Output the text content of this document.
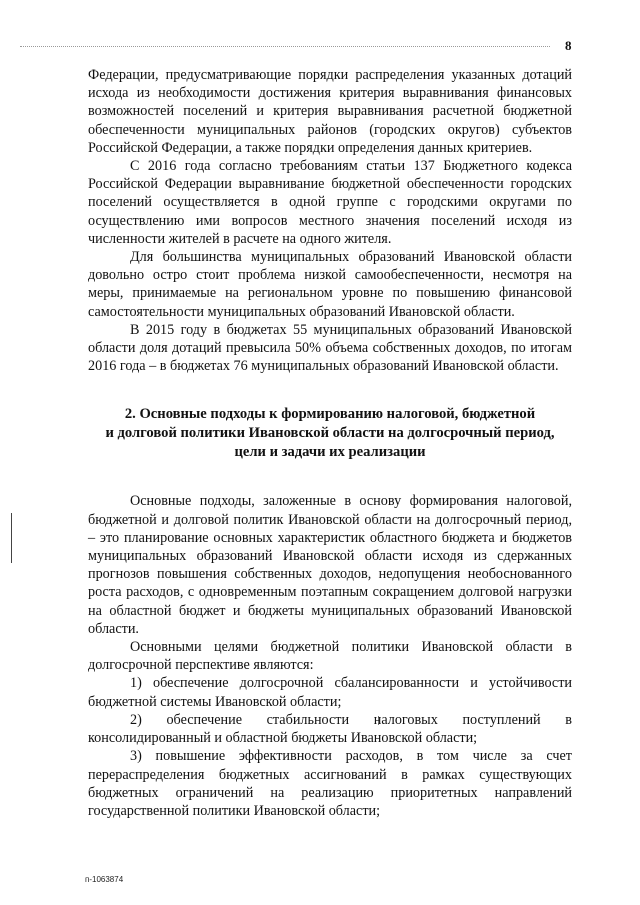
8

Федерации, предусматривающие порядки распределения указанных дотаций исхода из необходимости достижения критерия выравнивания финансовых возможностей поселений и критерия выравнивания расчетной бюджетной обеспеченности муниципальных районов (городских округов) субъектов Российской Федерации, а также порядки определения данных критериев.

С 2016 года согласно требованиям статьи 137 Бюджетного кодекса Российской Федерации выравнивание бюджетной обеспеченности городских поселений осуществляется в одной группе с городскими округами по осуществлению ими вопросов местного значения поселений исходя из численности жителей в расчете на одного жителя.

Для большинства муниципальных образований Ивановской области довольно остро стоит проблема низкой самообеспеченности, несмотря на меры, принимаемые на региональном уровне по повышению финансовой самостоятельности муниципальных образований Ивановской области.

В 2015 году в бюджетах 55 муниципальных образований Ивановской области доля дотаций превысила 50% объема собственных доходов, по итогам 2016 года – в бюджетах 76 муниципальных образований Ивановской области.

2. Основные подходы к формированию налоговой, бюджетной
и долговой политики Ивановской области на долгосрочный период,
цели и задачи их реализации

Основные подходы, заложенные в основу формирования налоговой, бюджетной и долговой политик Ивановской области на долгосрочный период, – это планирование основных характеристик областного бюджета и бюджетов муниципальных образований Ивановской области исходя из сдержанных прогнозов повышения собственных доходов, недопущения необоснованного роста расходов, с одновременным поэтапным сокращением долговой нагрузки на областной бюджет и бюджеты муниципальных образований Ивановской области.

Основными целями бюджетной политики Ивановской области в долгосрочной перспективе являются:

1) обеспечение долгосрочной сбалансированности и устойчивости бюджетной системы Ивановской области;

2) обеспечение стабильности налоговых поступлений в консолидированный и областной бюджеты Ивановской области;

3) повышение эффективности расходов, в том числе за счет перераспределения бюджетных ассигнований в рамках существующих бюджетных ограничений на реализацию приоритетных направлений государственной политики Ивановской области;

п-1063874
